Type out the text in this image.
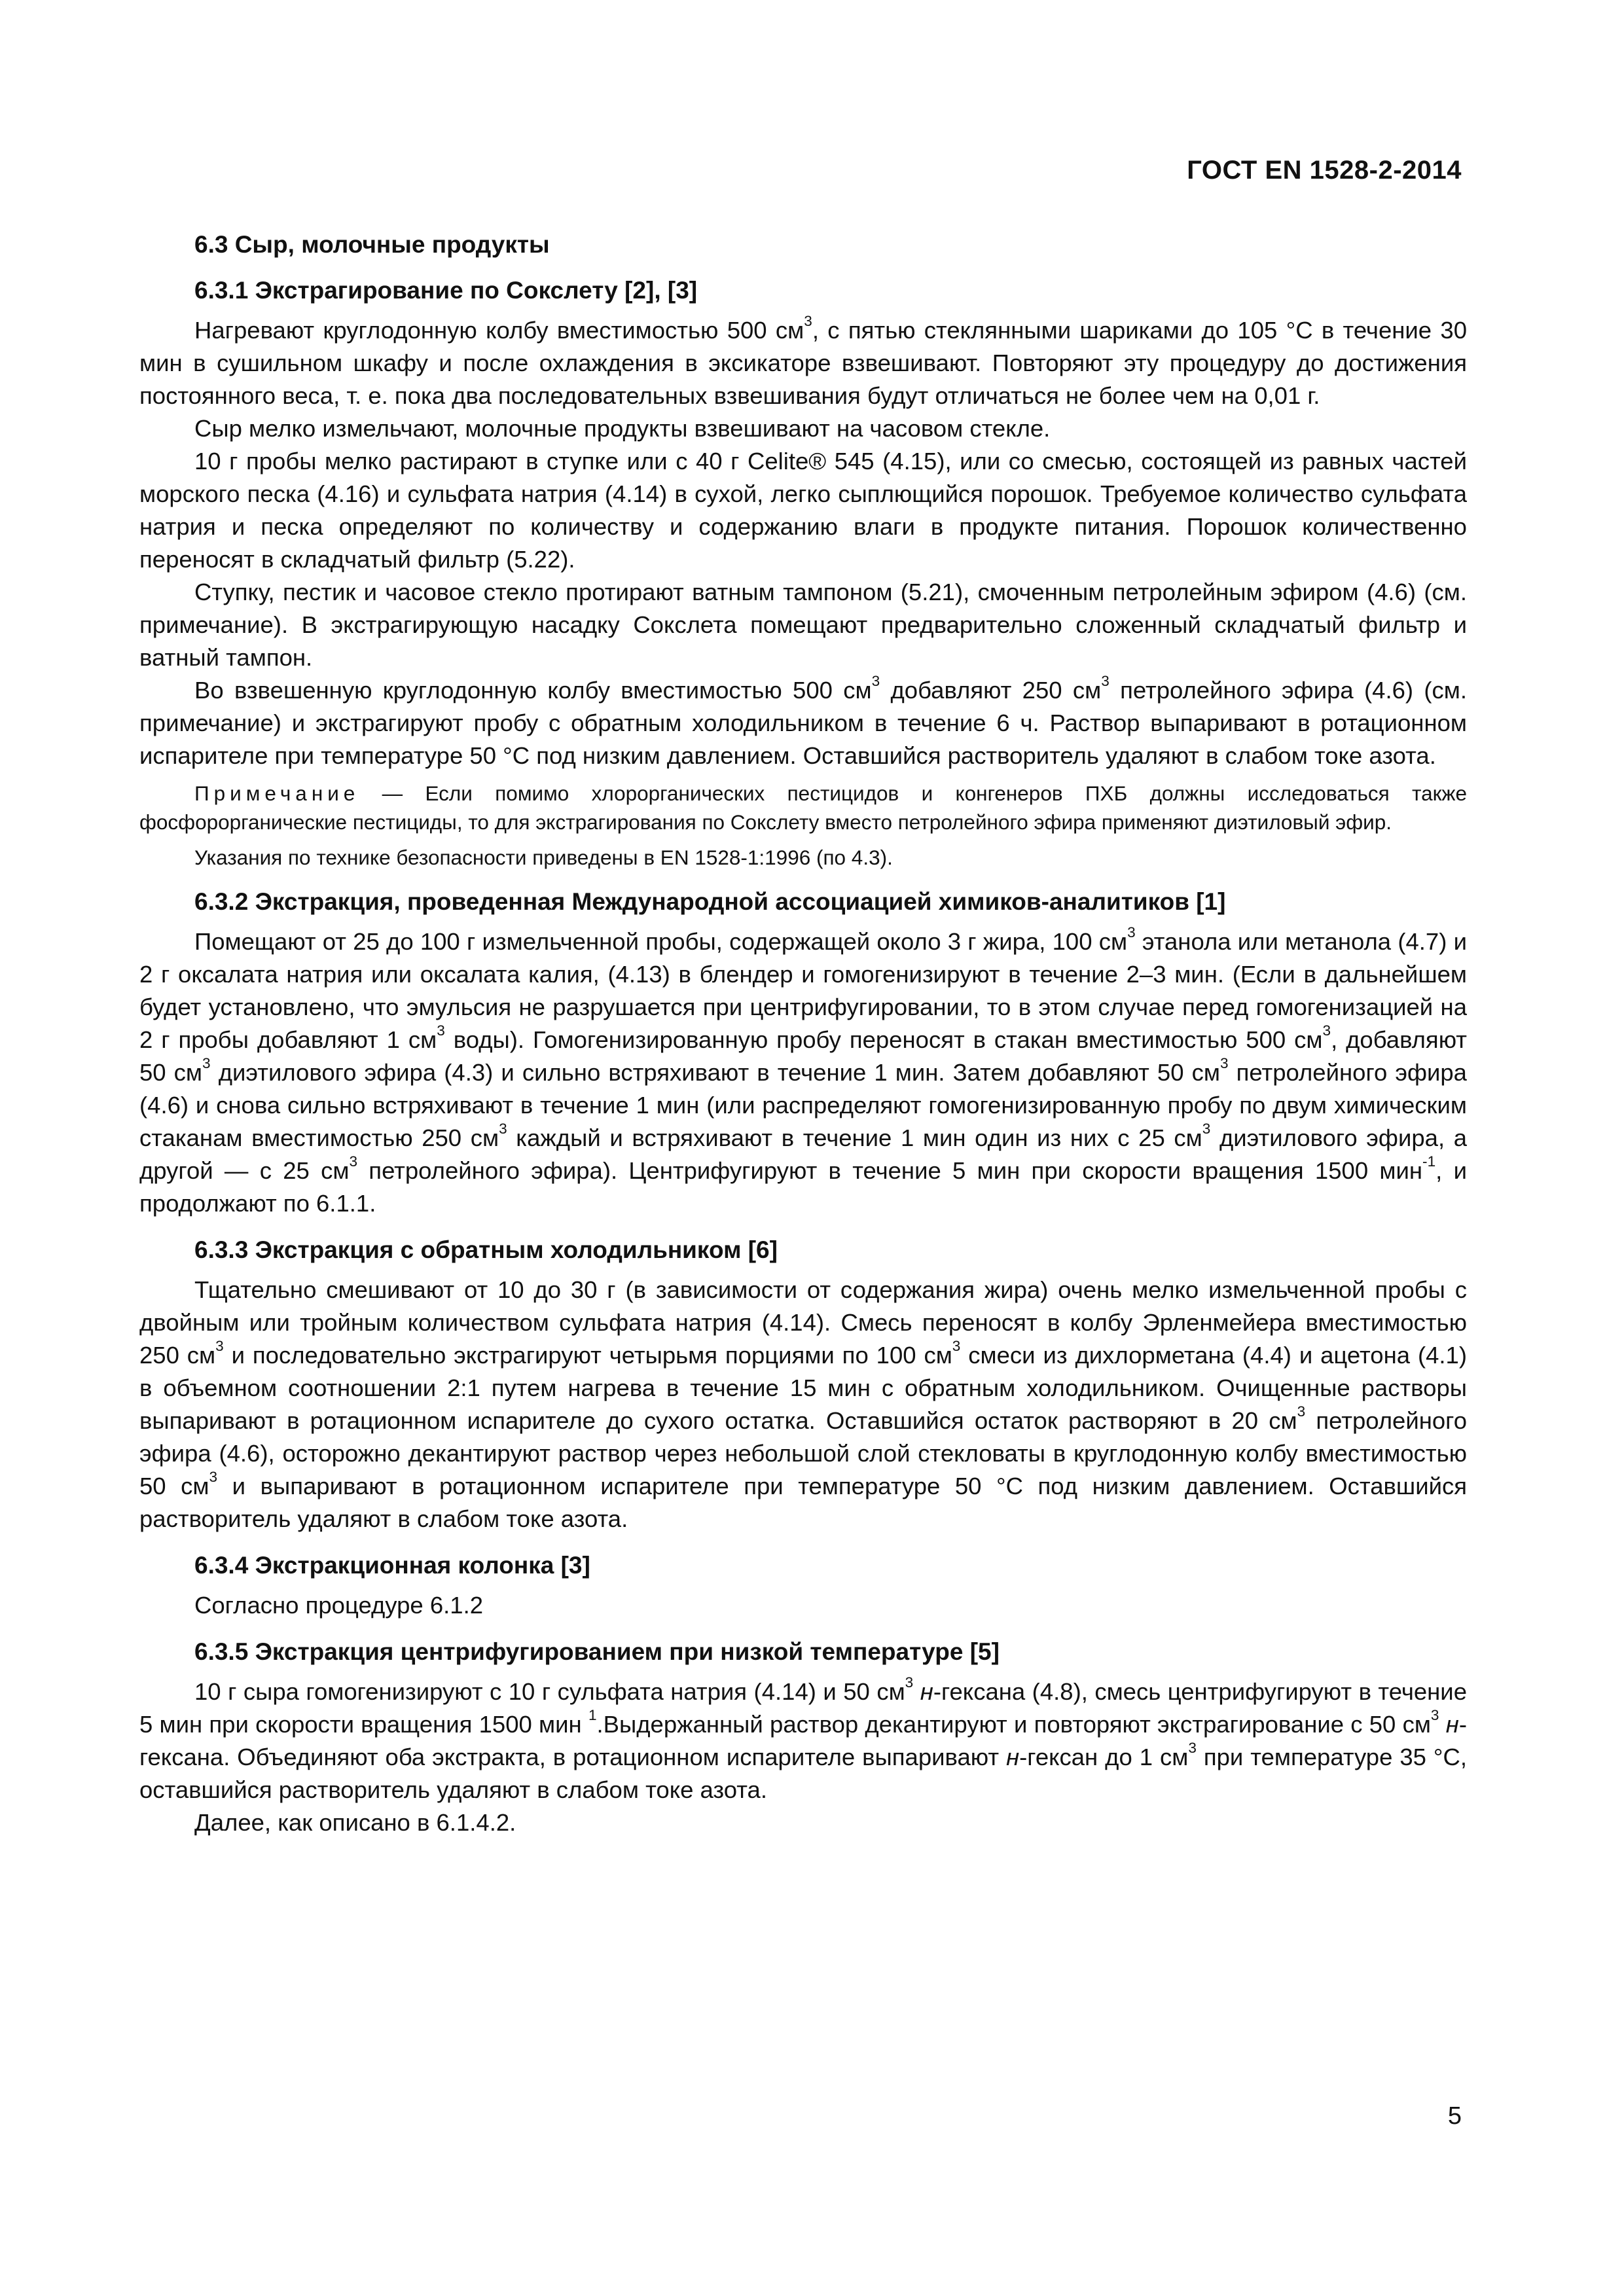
ГОСТ EN 1528-2-2014
6.3 Сыр, молочные продукты
6.3.1 Экстрагирование по Сокслету [2], [3]

Нагревают круглодонную колбу вместимостью 500 $см^3$, с пятью стеклянными шариками до 105 °С в течение 30 мин в сушильном шкафу и после охлаждения в эксикаторе взвешивают. Повторяют эту процедуру до достижения постоянного веса, т. е. пока два последовательных взвешивания будут отличаться не более чем на 0,01 г.

Сыр мелко измельчают, молочные продукты взвешивают на часовом стекле.

10 г пробы мелко растирают в ступке или с 40 г Celite® 545 (4.15), или со смесью, состоящей из равных частей морского песка (4.16) и сульфата натрия (4.14) в сухой, легко сыплющийся порошок. Требуемое количество сульфата натрия и песка определяют по количеству и содержанию влаги в продукте питания. Порошок количественно переносят в складчатый фильтр (5.22).

Ступку, пестик и часовое стекло протирают ватным тампоном (5.21), смоченным петролейным эфиром (4.6) (см. примечание). В экстрагирующую насадку Сокслета помещают предварительно сложенный складчатый фильтр и ватный тампон.

Во взвешенную круглодонную колбу вместимостью 500 $см^3$ добавляют 250 $см^3$ петролейного эфира (4.6) (см. примечание) и экстрагируют пробу с обратным холодильником в течение 6 ч. Раствор выпаривают в ротационном испарителе при температуре 50 °С под низким давлением. Оставшийся растворитель удаляют в слабом токе азота.

Примечание — Если помимо хлорорганических пестицидов и конгенеров ПХБ должны исследоваться также фосфорорганические пестициды, то для экстрагирования по Сокслету вместо петролейного эфира применяют диэтиловый эфир.

Указания по технике безопасности приведены в EN 1528-1:1996 (по 4.3).

6.3.2 Экстракция, проведенная Международной ассоциацией химиков-аналитиков [1]

Помещают от 25 до 100 г измельченной пробы, содержащей около 3 г жира, 100 $см^3$ этанола или метанола (4.7) и 2 г оксалата натрия или оксалата калия, (4.13) в блендер и гомогенизируют в течение 2–3 мин. (Если в дальнейшем будет установлено, что эмульсия не разрушается при центрифугировании, то в этом случае перед гомогенизацией на 2 г пробы добавляют 1 $см^3$ воды). Гомогенизированную пробу переносят в стакан вместимостью 500 $см^3$, добавляют 50 $см^3$ диэтилового эфира (4.3) и сильно встряхивают в течение 1 мин. Затем добавляют 50 $см^3$ петролейного эфира (4.6) и снова сильно встряхивают в течение 1 мин (или распределяют гомогенизированную пробу по двум химическим стаканам вместимостью 250 $см^3$ каждый и встряхивают в течение 1 мин один из них с 25 $см^3$ диэтилового эфира, а другой — с 25 $см^3$ петролейного эфира). Центрифугируют в течение 5 мин при скорости вращения 1500 мин$^{-1}$, и продолжают по 6.1.1.

6.3.3 Экстракция с обратным холодильником [6]

Тщательно смешивают от 10 до 30 г (в зависимости от содержания жира) очень мелко измельченной пробы с двойным или тройным количеством сульфата натрия (4.14). Смесь переносят в колбу Эрленмейера вместимостью 250 $см^3$ и последовательно экстрагируют четырьмя порциями по 100 $см^3$ смеси из дихлорметана (4.4) и ацетона (4.1) в объемном соотношении 2:1 путем нагрева в течение 15 мин с обратным холодильником. Очищенные растворы выпаривают в ротационном испарителе до сухого остатка. Оставшийся остаток растворяют в 20 $см^3$ петролейного эфира (4.6), осторожно декантируют раствор через небольшой слой стекловаты в круглодонную колбу вместимостью 50 $см^3$ и выпаривают в ротационном испарителе при температуре 50 °С под низким давлением. Оставшийся растворитель удаляют в слабом токе азота.

6.3.4 Экстракционная колонка [3]

Согласно процедуре 6.1.2

6.3.5 Экстракция центрифугированием при низкой температуре [5]

10 г сыра гомогенизируют с 10 г сульфата натрия (4.14) и 50 $см^3$ н-гексана (4.8), смесь центрифугируют в течение 5 мин при скорости вращения 1500 мин $^1$.Выдержанный раствор декантируют и повторяют экстрагирование с 50 $см^3$ н-гексана. Объединяют оба экстракта, в ротационном испарителе выпаривают н-гексан до 1 $см^3$ при температуре 35 °С, оставшийся растворитель удаляют в слабом токе азота.

Далее, как описано в 6.1.4.2.

5
